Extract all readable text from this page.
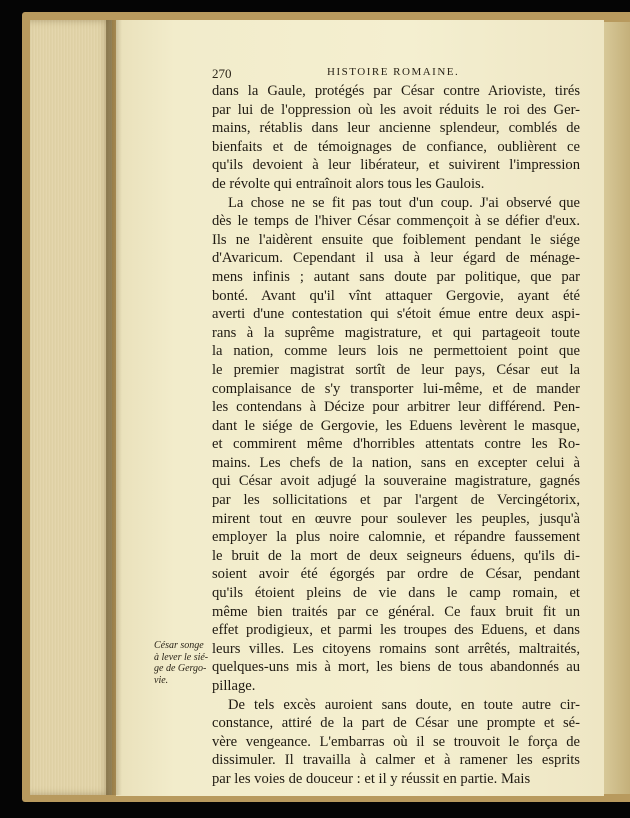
270	HISTOIRE ROMAINE.
César songe
à lever le sié-
ge de Gergo-
vie.
dans la Gaule, protégés par César contre Arioviste, tirés
par lui de l'oppression où les avoit réduits le roi des Ger-
mains, rétablis dans leur ancienne splendeur, comblés de
bienfaits et de témoignages de confiance, oublièrent ce
qu'ils devoient à leur libérateur, et suivirent l'impression
de révolte qui entraînoit alors tous les Gaulois.
La chose ne se fit pas tout d'un coup. J'ai observé que
dès le temps de l'hiver César commençoit à se défier d'eux.
Ils ne l'aidèrent ensuite que foiblement pendant le siége
d'Avaricum. Cependant il usa à leur égard de ménage-
mens infinis ; autant sans doute par politique, que par
bonté. Avant qu'il vînt attaquer Gergovie, ayant été
averti d'une contestation qui s'étoit émue entre deux aspi-
rans à la suprême magistrature, et qui partageoit toute
la nation, comme leurs lois ne permettoient point que
le premier magistrat sortît de leur pays, César eut la
complaisance de s'y transporter lui-même, et de mander
les contendans à Décize pour arbitrer leur différend. Pen-
dant le siége de Gergovie, les Eduens levèrent le masque,
et commirent même d'horribles attentats contre les Ro-
mains. Les chefs de la nation, sans en excepter celui à
qui César avoit adjugé la souveraine magistrature, gagnés
par les sollicitations et par l'argent de Vercingétorix,
mirent tout en œuvre pour soulever les peuples, jusqu'à
employer la plus noire calomnie, et répandre faussement
le bruit de la mort de deux seigneurs éduens, qu'ils di-
soient avoir été égorgés par ordre de César, pendant
qu'ils étoient pleins de vie dans le camp romain, et
même bien traités par ce général. Ce faux bruit fit un
effet prodigieux, et parmi les troupes des Eduens, et dans
leurs villes. Les citoyens romains sont arrêtés, maltraités,
quelques-uns mis à mort, les biens de tous abandonnés au
pillage.
De tels excès auroient sans doute, en toute autre cir-
constance, attiré de la part de César une prompte et sé-
vère vengeance. L'embarras où il se trouvoit le força de
dissimuler. Il travailla à calmer et à ramener les esprits
par les voies de douceur : et il y réussit en partie. Mais
